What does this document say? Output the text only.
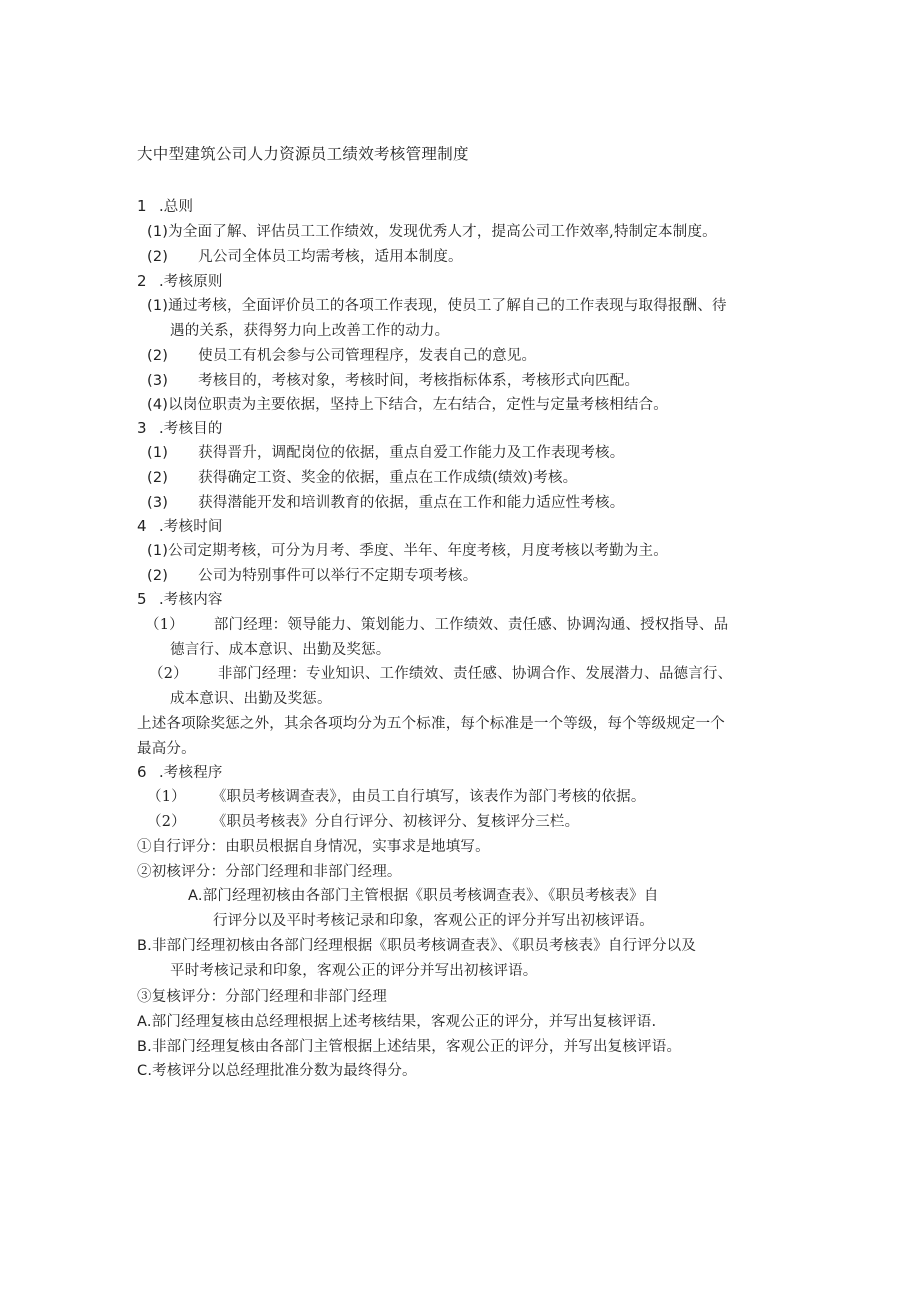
大中型建筑公司人力资源员工绩效考核管理制度
1 .总则
(1)为全面了解、评估员工工作绩效，发现优秀人才，提高公司工作效率,特制定本制度。
(2) 凡公司全体员工均需考核，适用本制度。
2 .考核原则
(1)通过考核，全面评价员工的各项工作表现，使员工了解自己的工作表现与取得报酬、待
遇的关系，获得努力向上改善工作的动力。
(2) 使员工有机会参与公司管理程序，发表自己的意见。
(3) 考核目的，考核对象，考核时间，考核指标体系，考核形式向匹配。
(4)以岗位职责为主要依据，坚持上下结合，左右结合，定性与定量考核相结合。
3 .考核目的
(1) 获得晋升，调配岗位的依据，重点自爱工作能力及工作表现考核。
(2) 获得确定工资、奖金的依据，重点在工作成绩(绩效)考核。
(3) 获得潜能开发和培训教育的依据，重点在工作和能力适应性考核。
4 .考核时间
(1)公司定期考核，可分为月考、季度、半年、年度考核，月度考核以考勤为主。
(2) 公司为特别事件可以举行不定期专项考核。
5 .考核内容
（1） 部门经理：领导能力、策划能力、工作绩效、责任感、协调沟通、授权指导、品
德言行、成本意识、出勤及奖惩。
（2） 非部门经理：专业知识、工作绩效、责任感、协调合作、发展潜力、品德言行、
成本意识、出勤及奖惩。
上述各项除奖惩之外，其余各项均分为五个标准，每个标准是一个等级，每个等级规定一个
最高分。
6 .考核程序
（1） 《职员考核调查表》，由员工自行填写，该表作为部门考核的依据。
（2） 《职员考核表》分自行评分、初核评分、复核评分三栏。
①自行评分：由职员根据自身情况，实事求是地填写。
②初核评分：分部门经理和非部门经理。
A.部门经理初核由各部门主管根据《职员考核调查表》、《职员考核表》自
行评分以及平时考核记录和印象，客观公正的评分并写出初核评语。
B.非部门经理初核由各部门经理根据《职员考核调查表》、《职员考核表》自行评分以及
平时考核记录和印象，客观公正的评分并写出初核评语。
③复核评分：分部门经理和非部门经理
A.部门经理复核由总经理根据上述考核结果，客观公正的评分，并写出复核评语.
B.非部门经理复核由各部门主管根据上述结果，客观公正的评分，并写出复核评语。
C.考核评分以总经理批准分数为最终得分。
